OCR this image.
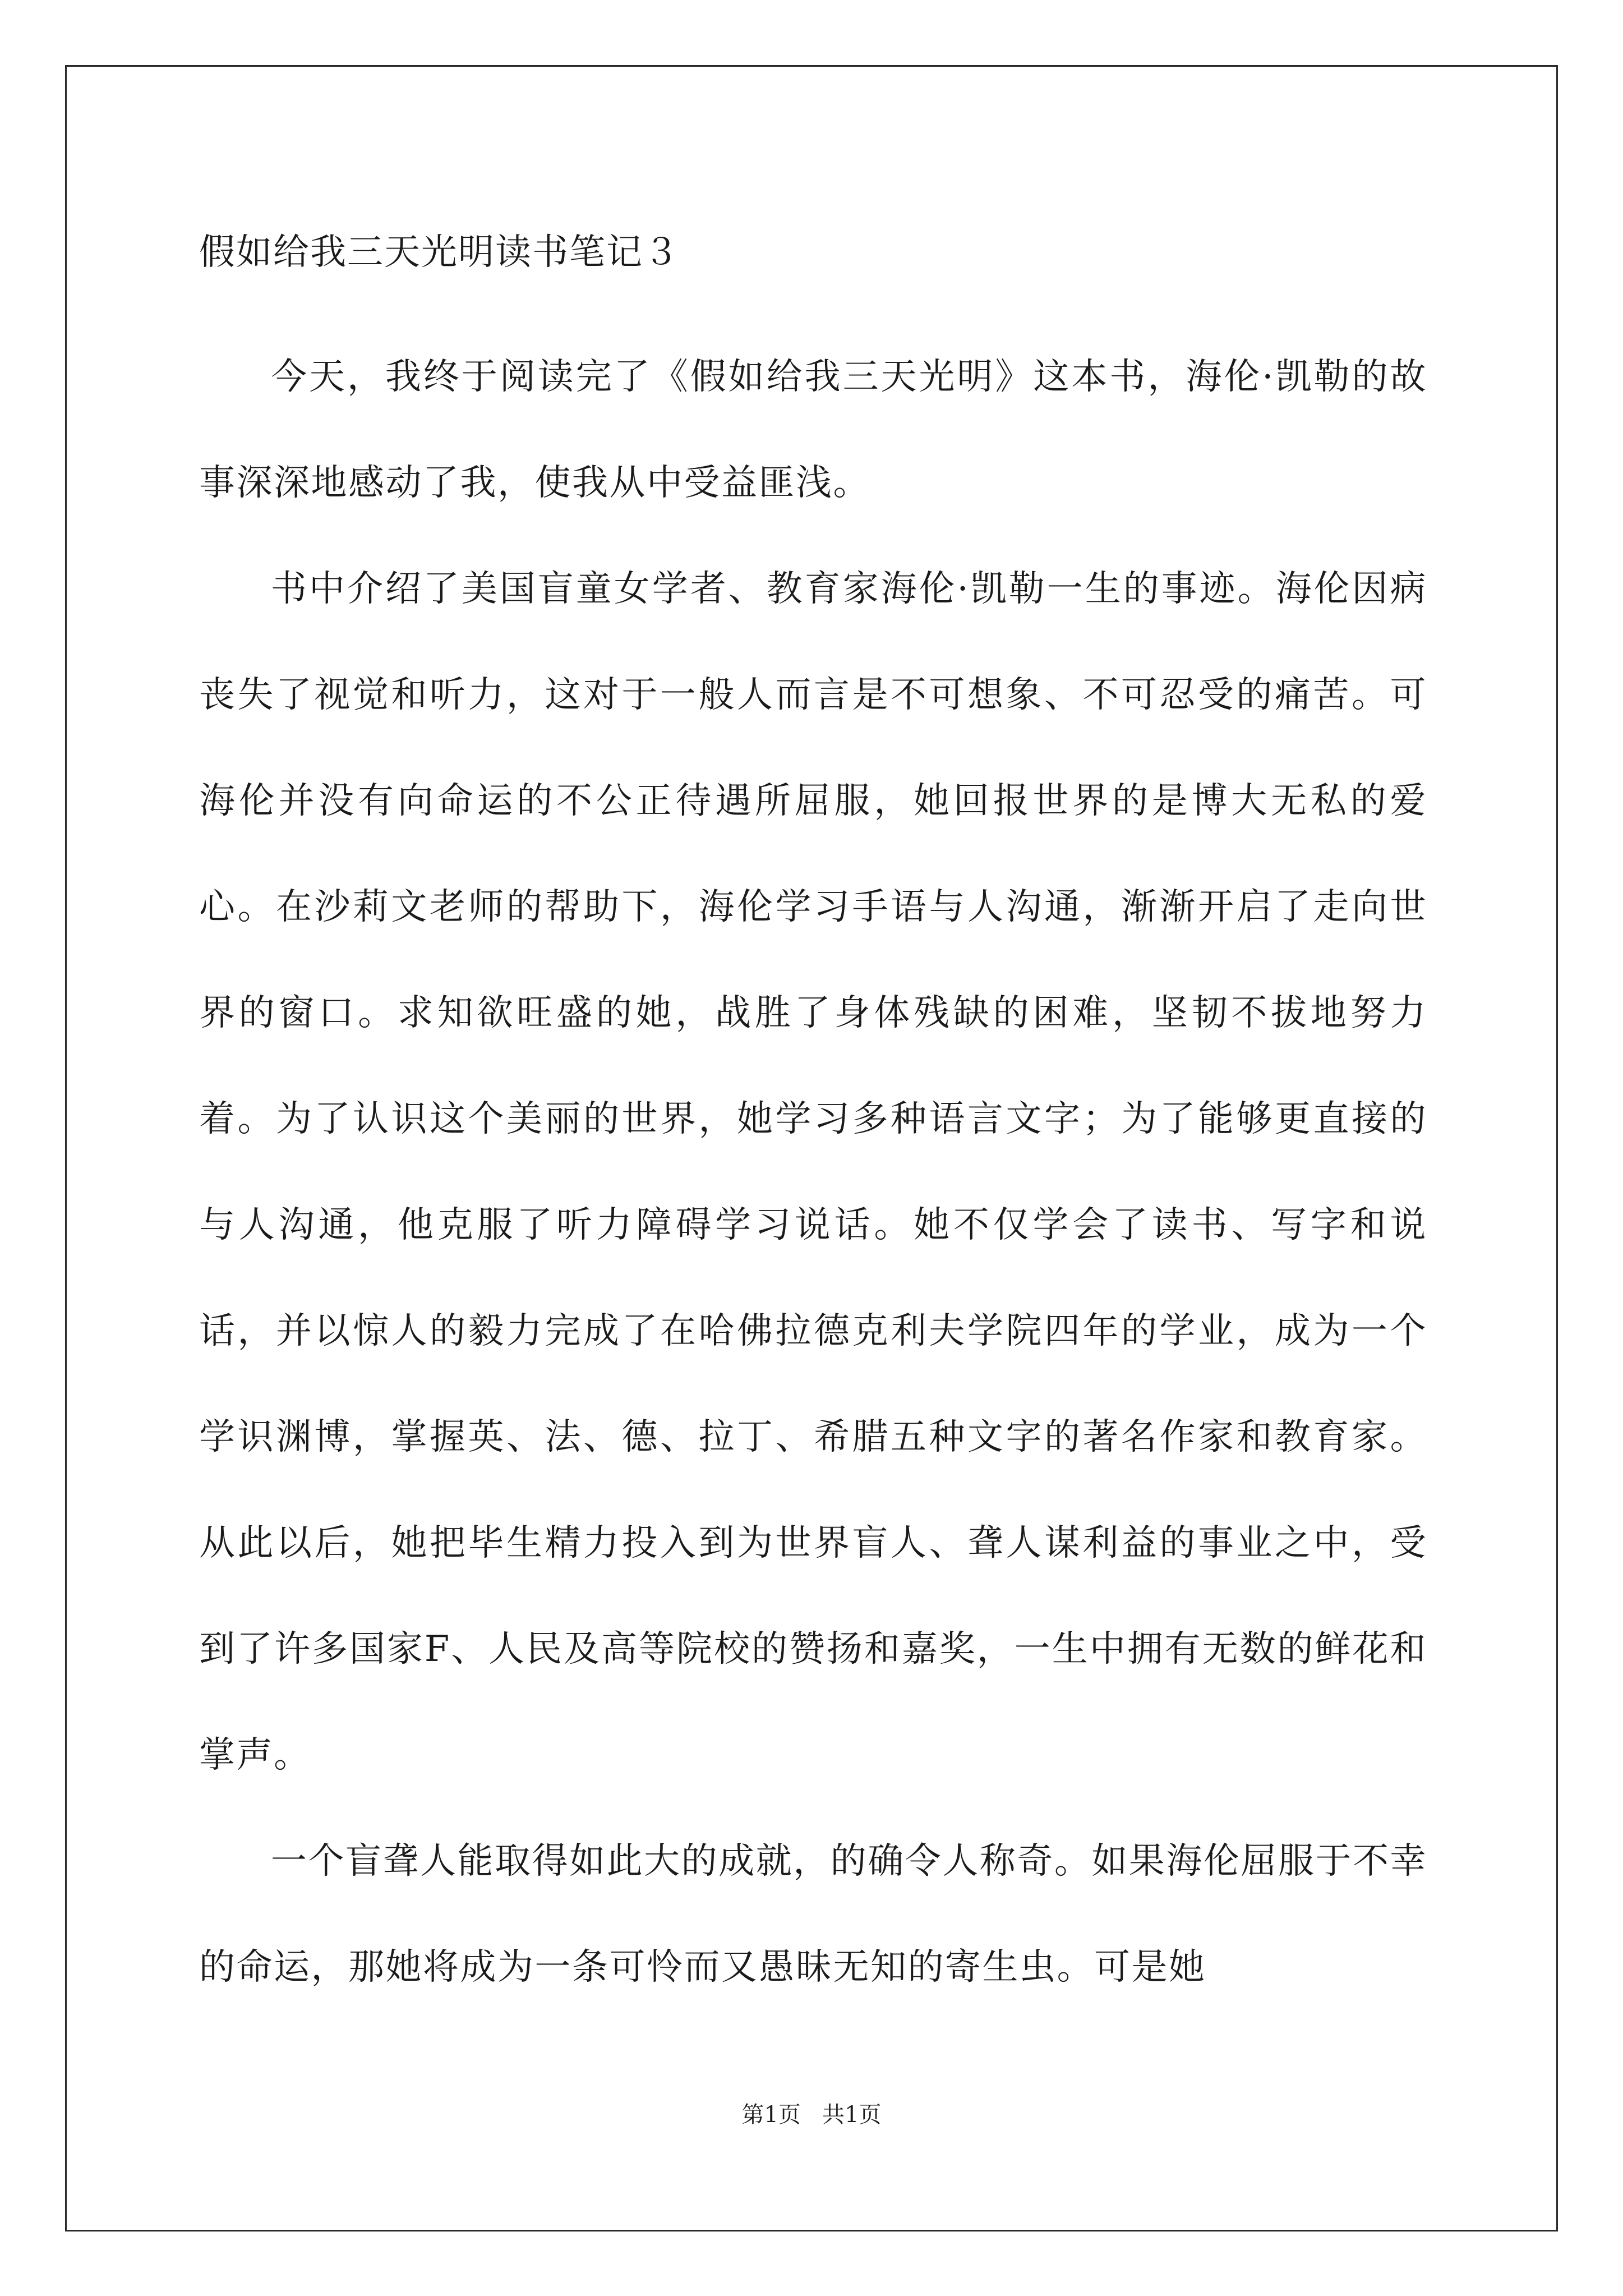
假如给我三天光明读书笔记３

今天，我终于阅读完了《假如给我三天光明》这本书，海伦·凯勒的故事深深地感动了我，使我从中受益匪浅。

书中介绍了美国盲童女学者、教育家海伦·凯勒一生的事迹。海伦因病丧失了视觉和听力，这对于一般人而言是不可想象、不可忍受的痛苦。可海伦并没有向命运的不公正待遇所屈服，她回报世界的是博大无私的爱心。在沙莉文老师的帮助下，海伦学习手语与人沟通，渐渐开启了走向世界的窗口。求知欲旺盛的她，战胜了身体残缺的困难，坚韧不拔地努力着。为了认识这个美丽的世界，她学习多种语言文字；为了能够更直接的与人沟通，他克服了听力障碍学习说话。她不仅学会了读书、写字和说话，并以惊人的毅力完成了在哈佛拉德克利夫学院四年的学业，成为一个学识渊博，掌握英、法、德、拉丁、希腊五种文字的著名作家和教育家。从此以后，她把毕生精力投入到为世界盲人、聋人谋利益的事业之中，受到了许多国家F、人民及高等院校的赞扬和嘉奖，一生中拥有无数的鲜花和掌声。

一个盲聋人能取得如此大的成就，的确令人称奇。如果海伦屈服于不幸的命运，那她将成为一条可怜而又愚昧无知的寄生虫。可是她

第1页   共1页
